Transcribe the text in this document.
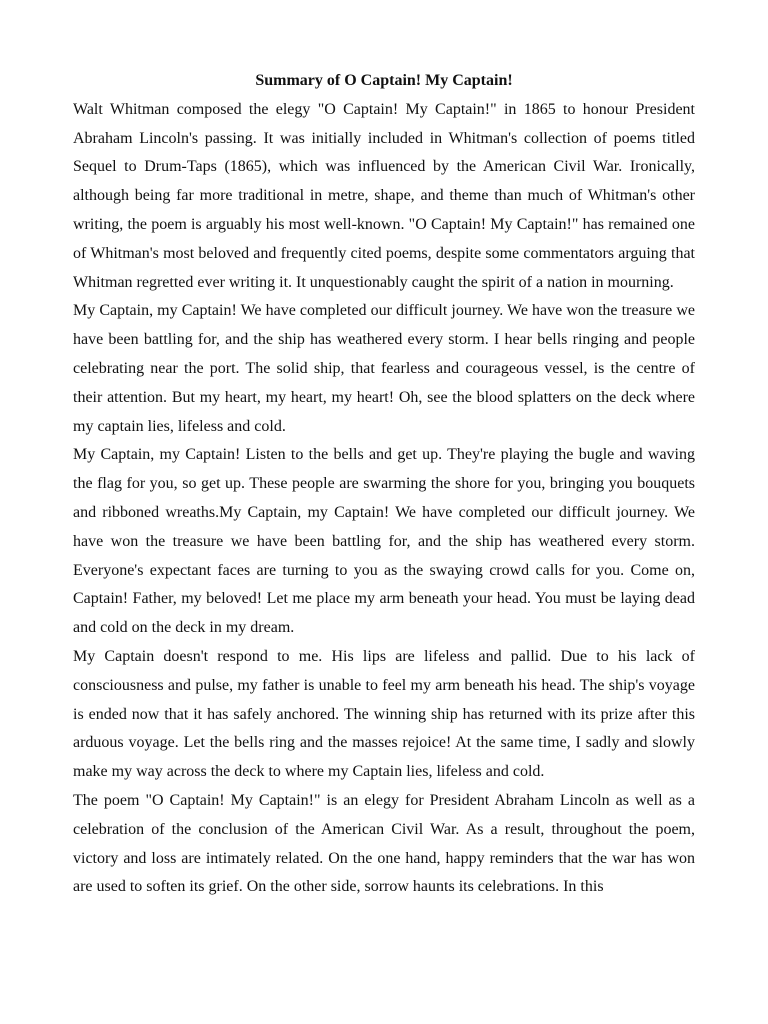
Summary of O Captain! My Captain!

Walt Whitman composed the elegy "O Captain! My Captain!" in 1865 to honour President Abraham Lincoln's passing. It was initially included in Whitman's collection of poems titled Sequel to Drum-Taps (1865), which was influenced by the American Civil War. Ironically, although being far more traditional in metre, shape, and theme than much of Whitman's other writing, the poem is arguably his most well-known. "O Captain! My Captain!" has remained one of Whitman's most beloved and frequently cited poems, despite some commentators arguing that Whitman regretted ever writing it. It unquestionably caught the spirit of a nation in mourning.

My Captain, my Captain! We have completed our difficult journey. We have won the treasure we have been battling for, and the ship has weathered every storm. I hear bells ringing and people celebrating near the port. The solid ship, that fearless and courageous vessel, is the centre of their attention. But my heart, my heart, my heart! Oh, see the blood splatters on the deck where my captain lies, lifeless and cold.

My Captain, my Captain! Listen to the bells and get up. They're playing the bugle and waving the flag for you, so get up. These people are swarming the shore for you, bringing you bouquets and ribboned wreaths.My Captain, my Captain! We have completed our difficult journey. We have won the treasure we have been battling for, and the ship has weathered every storm. Everyone's expectant faces are turning to you as the swaying crowd calls for you. Come on, Captain! Father, my beloved! Let me place my arm beneath your head. You must be laying dead and cold on the deck in my dream.

My Captain doesn't respond to me. His lips are lifeless and pallid. Due to his lack of consciousness and pulse, my father is unable to feel my arm beneath his head. The ship's voyage is ended now that it has safely anchored. The winning ship has returned with its prize after this arduous voyage. Let the bells ring and the masses rejoice! At the same time, I sadly and slowly make my way across the deck to where my Captain lies, lifeless and cold.

The poem "O Captain! My Captain!" is an elegy for President Abraham Lincoln as well as a celebration of the conclusion of the American Civil War. As a result, throughout the poem, victory and loss are intimately related. On the one hand, happy reminders that the war has won are used to soften its grief. On the other side, sorrow haunts its celebrations. In this
